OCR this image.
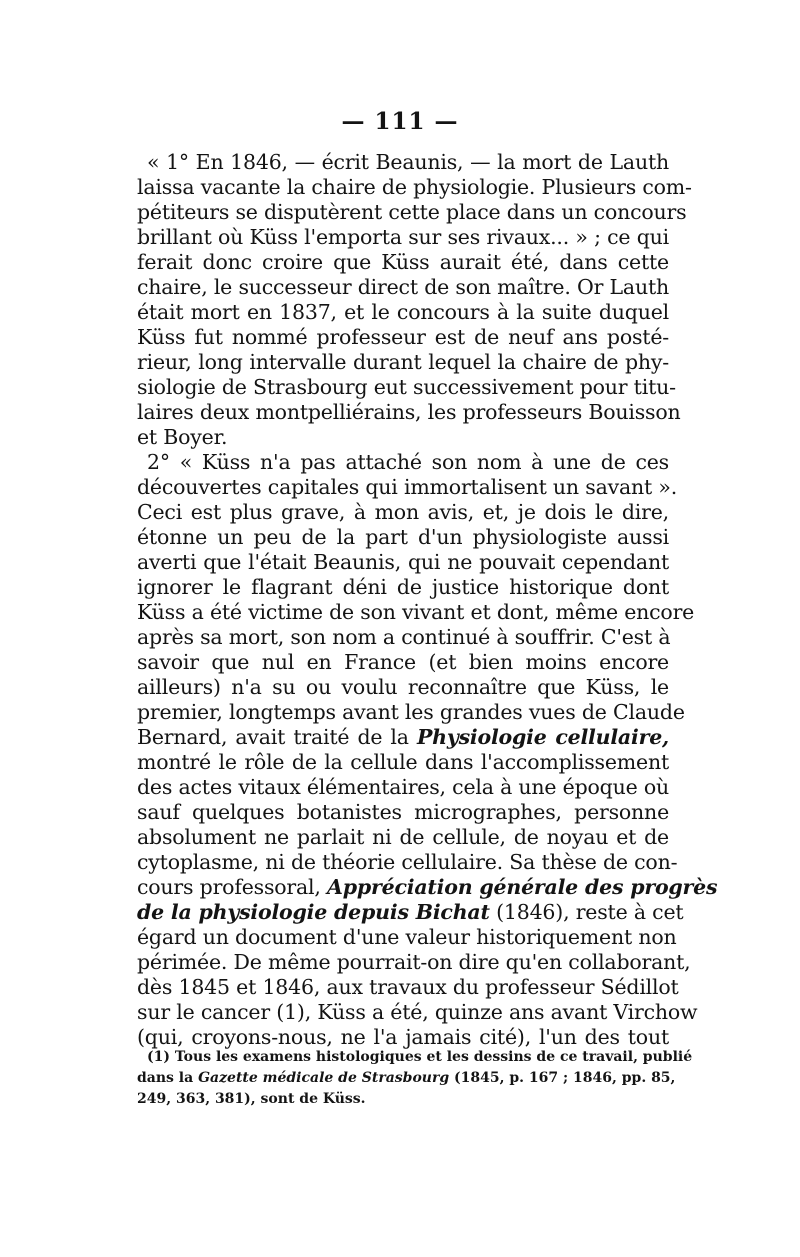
— 111 —
« 1° En 1846, — écrit Beaunis, — la mort de Lauth
laissa vacante la chaire de physiologie. Plusieurs com-
pétiteurs se disputèrent cette place dans un concours
brillant où Küss l'emporta sur ses rivaux... » ; ce qui
ferait donc croire que Küss aurait été, dans cette
chaire, le successeur direct de son maître. Or Lauth
était mort en 1837, et le concours à la suite duquel
Küss fut nommé professeur est de neuf ans posté-
rieur, long intervalle durant lequel la chaire de phy-
siologie de Strasbourg eut successivement pour titu-
laires deux montpelliérains, les professeurs Bouisson
et Boyer.
2° « Küss n'a pas attaché son nom à une de ces
découvertes capitales qui immortalisent un savant ».
Ceci est plus grave, à mon avis, et, je dois le dire,
étonne un peu de la part d'un physiologiste aussi
averti que l'était Beaunis, qui ne pouvait cependant
ignorer le flagrant déni de justice historique dont
Küss a été victime de son vivant et dont, même encore
après sa mort, son nom a continué à souffrir. C'est à
savoir que nul en France (et bien moins encore
ailleurs) n'a su ou voulu reconnaître que Küss, le
premier, longtemps avant les grandes vues de Claude
Bernard, avait traité de la Physiologie cellulaire,
montré le rôle de la cellule dans l'accomplissement
des actes vitaux élémentaires, cela à une époque où
sauf quelques botanistes micrographes, personne
absolument ne parlait ni de cellule, de noyau et de
cytoplasme, ni de théorie cellulaire. Sa thèse de con-
cours professoral, Appréciation générale des progrès
de la physiologie depuis Bichat (1846), reste à cet
égard un document d'une valeur historiquement non
périmée. De même pourrait-on dire qu'en collaborant,
dès 1845 et 1846, aux travaux du professeur Sédillot
sur le cancer (1), Küss a été, quinze ans avant Virchow
(qui, croyons-nous, ne l'a jamais cité), l'un des tout
(1) Tous les examens histologiques et les dessins de ce travail, publié
dans la Gazette médicale de Strasbourg (1845, p. 167 ; 1846, pp. 85,
249, 363, 381), sont de Küss.
